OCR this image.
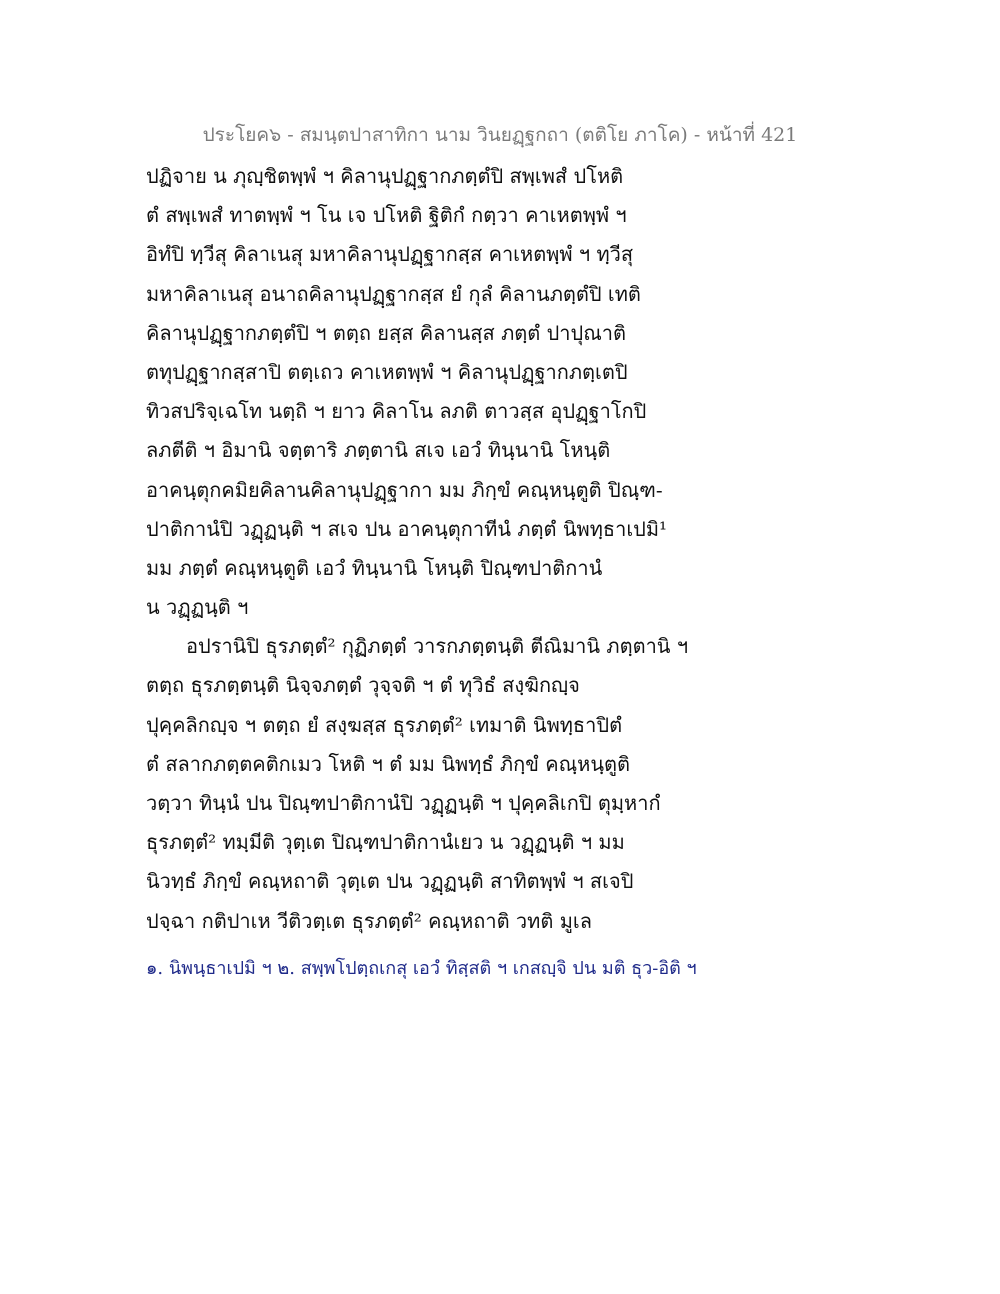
ประโยค๖ - สมนฺตปาสาทิกา นาม วินยฏฺฐกถา (ตติโย ภาโค) - หน้าที่ 421
ปฏิจาย น ภุญฺชิตพฺพํ ฯ คิลานุปฏฺฐากภตฺตํปิ สพฺเพสํ ปโหติ
ตํ สพฺเพสํ ทาตพฺพํ ฯ โน เจ ปโหติ ฐิติกํ กตฺวา คาเหตพฺพํ ฯ
อิทํปิ ทฺวีสุ คิลาเนสุ มหาคิลานุปฏฺฐากสฺส คาเหตพฺพํ ฯ ทฺวีสุ
มหาคิลาเนสุ อนาถคิลานุปฏฺฐากสฺส ยํ กุลํ คิลานภตฺตํปิ เทติ
คิลานุปฏฺฐากภตฺตํปิ ฯ ตตฺถ ยสฺส คิลานสฺส ภตฺตํ ปาปุณาติ
ตทุปฏฺฐากสฺสาปิ ตตฺเถว คาเหตพฺพํ ฯ คิลานุปฏฺฐากภตฺเตปิ
ทิวสปริจฺเฉโท นตฺถิ ฯ ยาว คิลาโน ลภติ ตาวสฺส อุปฏฺฐาโกปิ
ลภตีติ ฯ อิมานิ จตฺตาริ ภตฺตานิ สเจ เอวํ ทินฺนานิ โหนฺติ
อาคนฺตุกคมิยคิลานคิลานุปฏฺฐากา มม ภิกฺขํ คณฺหนฺตูติ ปิณฺฑ-
ปาติกานํปิ วฏฺฏนฺติ ฯ สเจ ปน อาคนฺตุกาทีนํ ภตฺตํ นิพทฺธาเปมิ¹
มม ภตฺตํ คณฺหนฺตูติ เอวํ ทินฺนานิ โหนฺติ ปิณฺฑปาติกานํ
น วฏฺฏนฺติ ฯ
อปรานิปิ ธุรภตฺตํ² กุฏิภตฺตํ วารกภตฺตนฺติ ตีณิมานิ ภตฺตานิ ฯ
ตตฺถ ธุรภตฺตนฺติ นิจฺจภตฺตํ วุจฺจติ ฯ ตํ ทุวิธํ สงฺฆิกญฺจ
ปุคฺคลิกญฺจ ฯ ตตฺถ ยํ สงฺฆสฺส ธุรภตฺตํ² เทมาติ นิพทฺธาปิตํ
ตํ สลากภตฺตคติกเมว โหติ ฯ ตํ มม นิพทฺธํ ภิกฺขํ คณฺหนฺตูติ
วตฺวา ทินฺนํ ปน ปิณฺฑปาติกานํปิ วฏฺฏนฺติ ฯ ปุคฺคลิเกปิ ตุมฺหากํ
ธุรภตฺตํ² ทมฺมีติ วุตฺเต ปิณฺฑปาติกานํเยว น วฏฺฏนฺติ ฯ มม
นิวทฺธํ ภิกฺขํ คณฺหถาติ วุตฺเต ปน วฏฺฏนฺติ สาทิตพฺพํ ฯ สเจปิ
ปจฺฉา กติปาเห วีติวตฺเต ธุรภตฺตํ² คณฺหถาติ วทติ มูเล
๑. นิพนฺธาเปมิ ฯ ๒. สพฺพโปตฺถเกสุ เอวํ ทิสฺสติ ฯ เกสญฺจิ ปน มติ ธุว-อิติ ฯ
